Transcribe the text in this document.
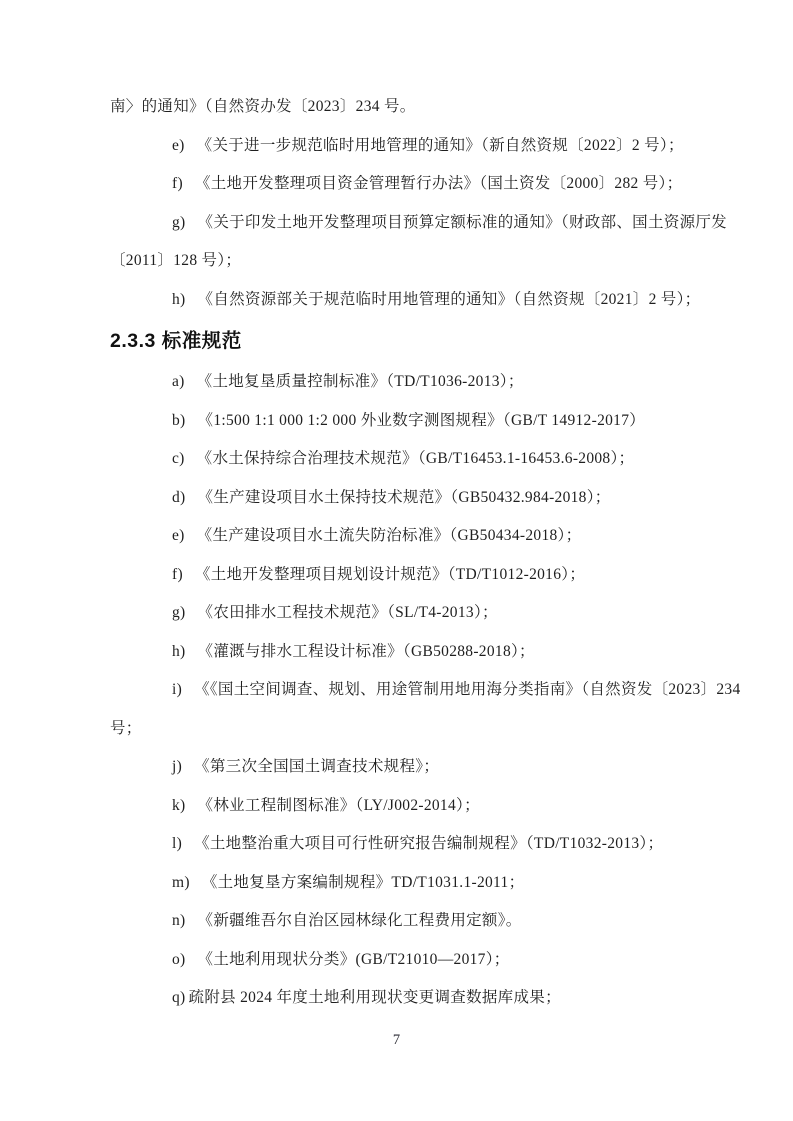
南〉的通知》（自然资办发〔2023〕234 号。

e) 《关于进一步规范临时用地管理的通知》（新自然资规〔2022〕2 号）；

f) 《土地开发整理项目资金管理暂行办法》（国土资发〔2000〕282 号）；

g) 《关于印发土地开发整理项目预算定额标准的通知》（财政部、国土资源厅发

〔2011〕128 号）；

h) 《自然资源部关于规范临时用地管理的通知》（自然资规〔2021〕2 号）；

2.3.3 标准规范

a) 《土地复垦质量控制标准》（TD/T1036-2013）；

b) 《1:500 1:1 000 1:2 000 外业数字测图规程》（GB/T 14912-2017）

c) 《水土保持综合治理技术规范》（GB/T16453.1-16453.6-2008）；

d) 《生产建设项目水土保持技术规范》（GB50432.984-2018）；

e) 《生产建设项目水土流失防治标准》（GB50434-2018）；

f) 《土地开发整理项目规划设计规范》（TD/T1012-2016）；

g) 《农田排水工程技术规范》（SL/T4-2013）；

h) 《灌溉与排水工程设计标准》（GB50288-2018）；

i) 《《国土空间调查、规划、用途管制用地用海分类指南》（自然资发〔2023〕234

号；

j) 《第三次全国国土调查技术规程》；

k) 《林业工程制图标准》（LY/J002-2014）；

l) 《土地整治重大项目可行性研究报告编制规程》（TD/T1032-2013）；

m) 《土地复垦方案编制规程》TD/T1031.1-2011；

n) 《新疆维吾尔自治区园林绿化工程费用定额》。

o) 《土地利用现状分类》(GB/T21010—2017）；

q) 疏附县 2024 年度土地利用现状变更调查数据库成果；

7
